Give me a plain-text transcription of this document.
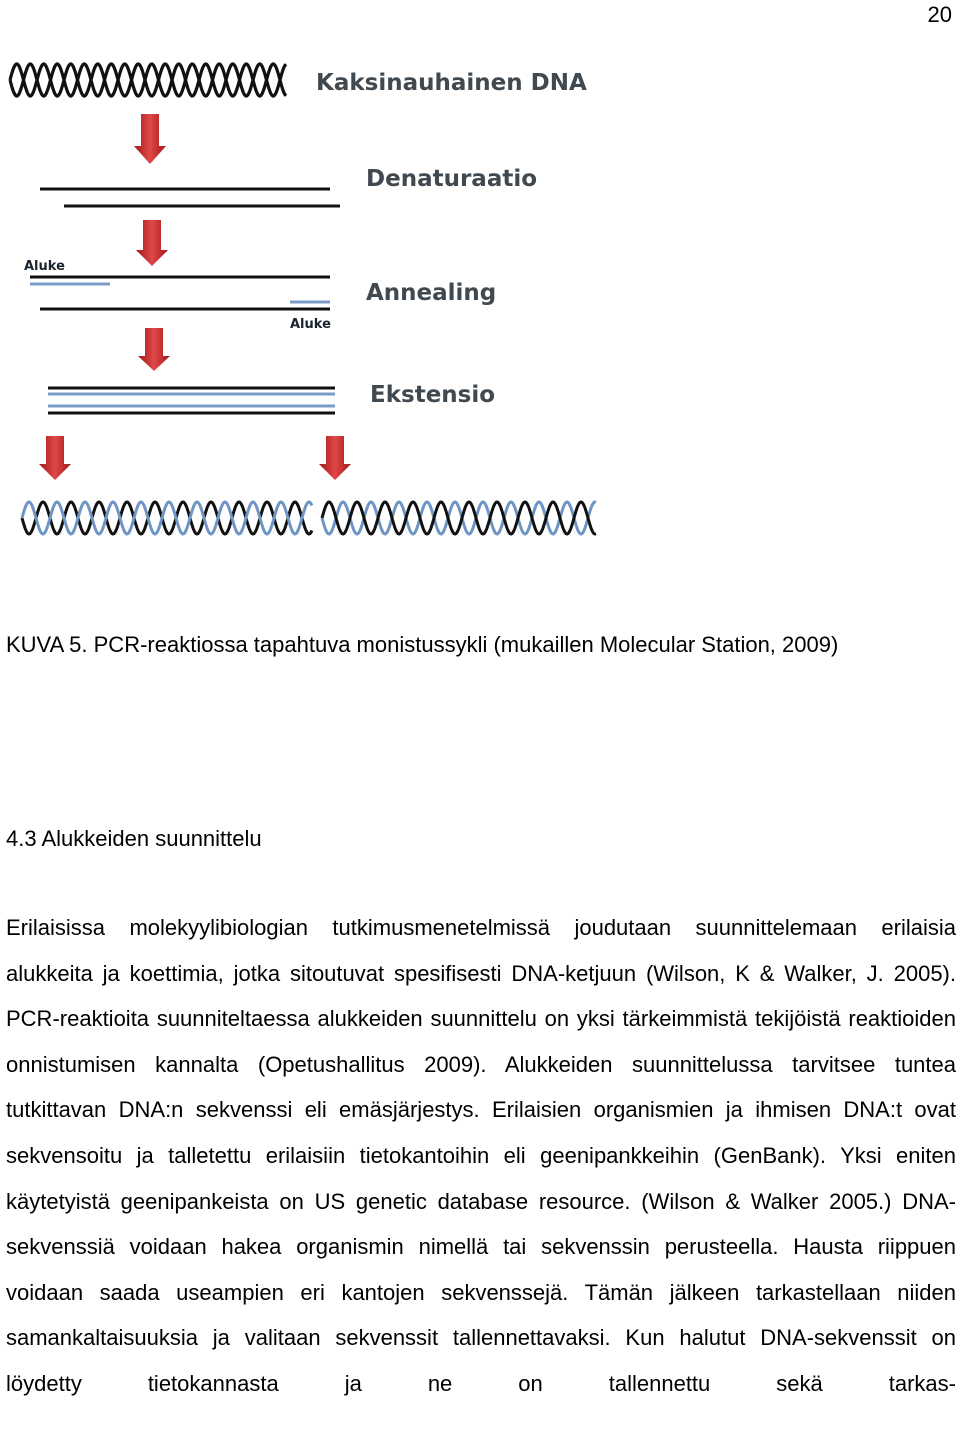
20
Kaksinauhainen DNA
Denaturaatio
Aluke
Aluke
Annealing
Ekstensio

KUVA 5. PCR-reaktiossa tapahtuva monistussykli (mukaillen Molecular Station, 2009)

4.3 Alukkeiden suunnittelu

Erilaisissa molekyylibiologian tutkimusmenetelmissä joudutaan suunnittelemaan erilaisia alukkeita ja koettimia, jotka sitoutuvat spesifisesti DNA-ketjuun (Wilson, K & Walker, J. 2005). PCR-reaktioita suunniteltaessa alukkeiden suunnittelu on yksi tärkeimmistä tekijöistä reaktioiden onnistumisen kannalta (Opetushallitus 2009). Alukkeiden suunnittelussa tarvitsee tuntea tutkittavan DNA:n sekvenssi eli emäsjärjestys. Erilaisien organismien ja ihmisen DNA:t ovat sekvensoitu ja talletettu erilaisiin tietokantoihin eli geenipankkeihin (GenBank). Yksi eniten käytetyistä geenipankeista on US genetic database resource. (Wilson & Walker 2005.) DNA-sekvenssiä voidaan hakea organismin nimellä tai sekvenssin perusteella. Hausta riippuen voidaan saada useampien eri kantojen sekvenssejä. Tämän jälkeen tarkastellaan niiden samankaltaisuuksia ja valitaan sekvenssit tallennettavaksi. Kun halutut DNA-sekvenssit on löydetty tietokannasta ja ne on tallennettu sekä tarkas-
